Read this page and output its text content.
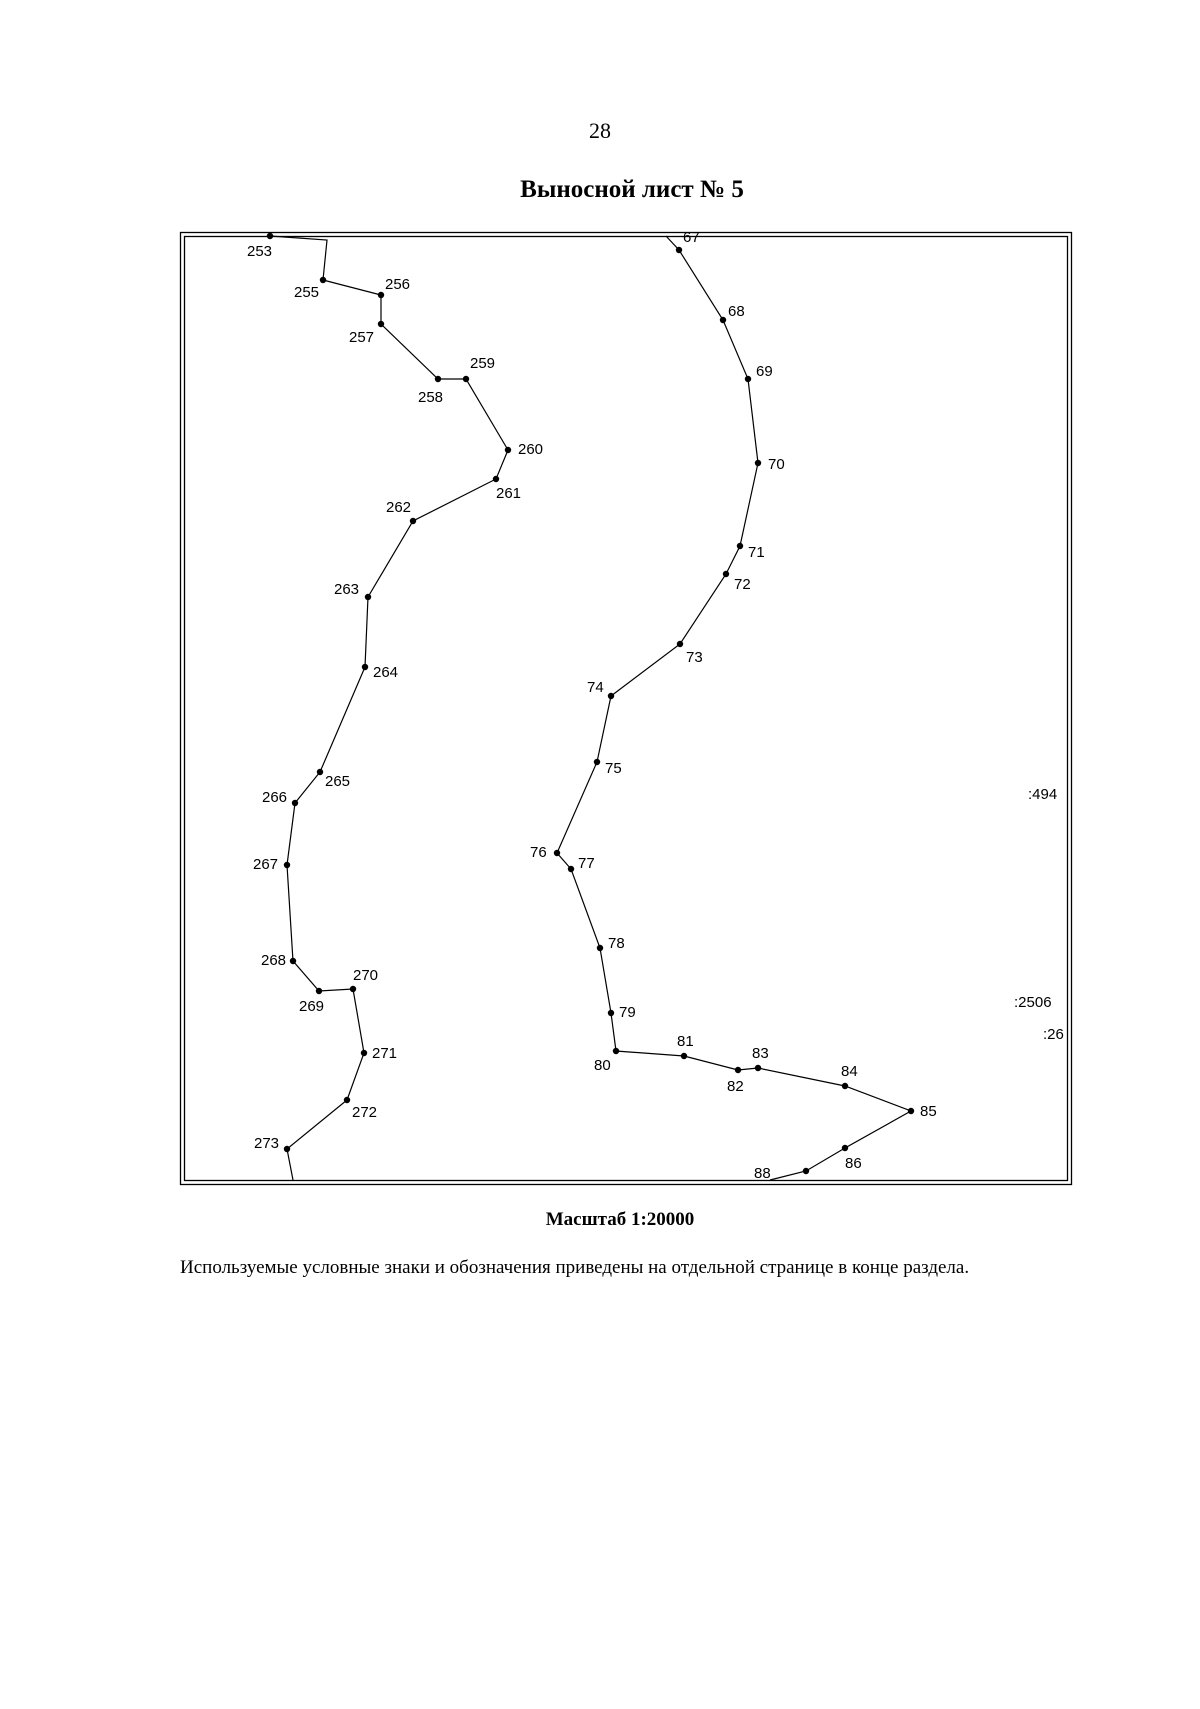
28
Выносной лист № 5
253
255	256
257
258
259
260
261
262
263
264
265
266
267
268
269
270
271
272
273
67
68
69
70
71
72
73
74
75
76
77
78
79
80
81
82
83
84
85
86
88
:494
:2506
:26
Масштаб 1:20000
Используемые условные знаки и обозначения приведены на отдельной странице в конце раздела.
